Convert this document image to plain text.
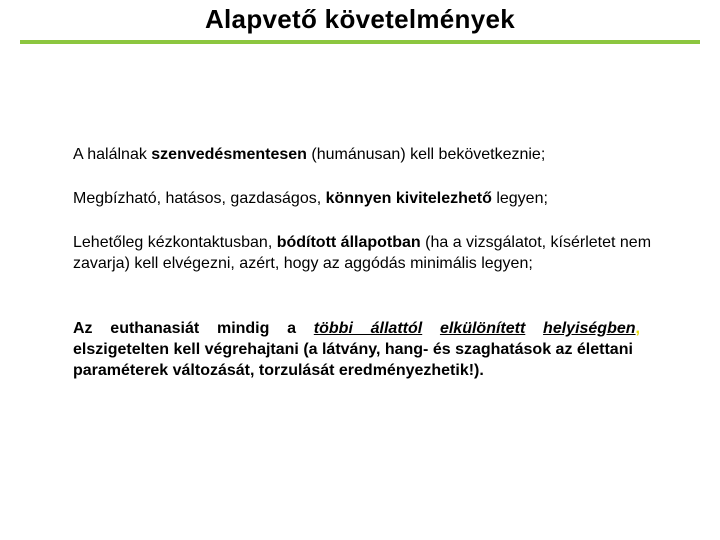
Alapvető követelmények
A halálnak szenvedésmentesen (humánusan) kell bekövetkeznie;
Megbízható, hatásos, gazdaságos, könnyen kivitelezhető legyen;
Lehetőleg kézkontaktusban, bódított állapotban (ha a vizsgálatot, kísérletet nem zavarja) kell elvégezni, azért, hogy az aggódás minimális legyen;
Az euthanasiát mindig a többi állattól elkülönített helyiségben,
elszigetelten kell végrehajtani (a látvány, hang- és szaghatások az élettani paraméterek változását, torzulását eredményezhetik!).
